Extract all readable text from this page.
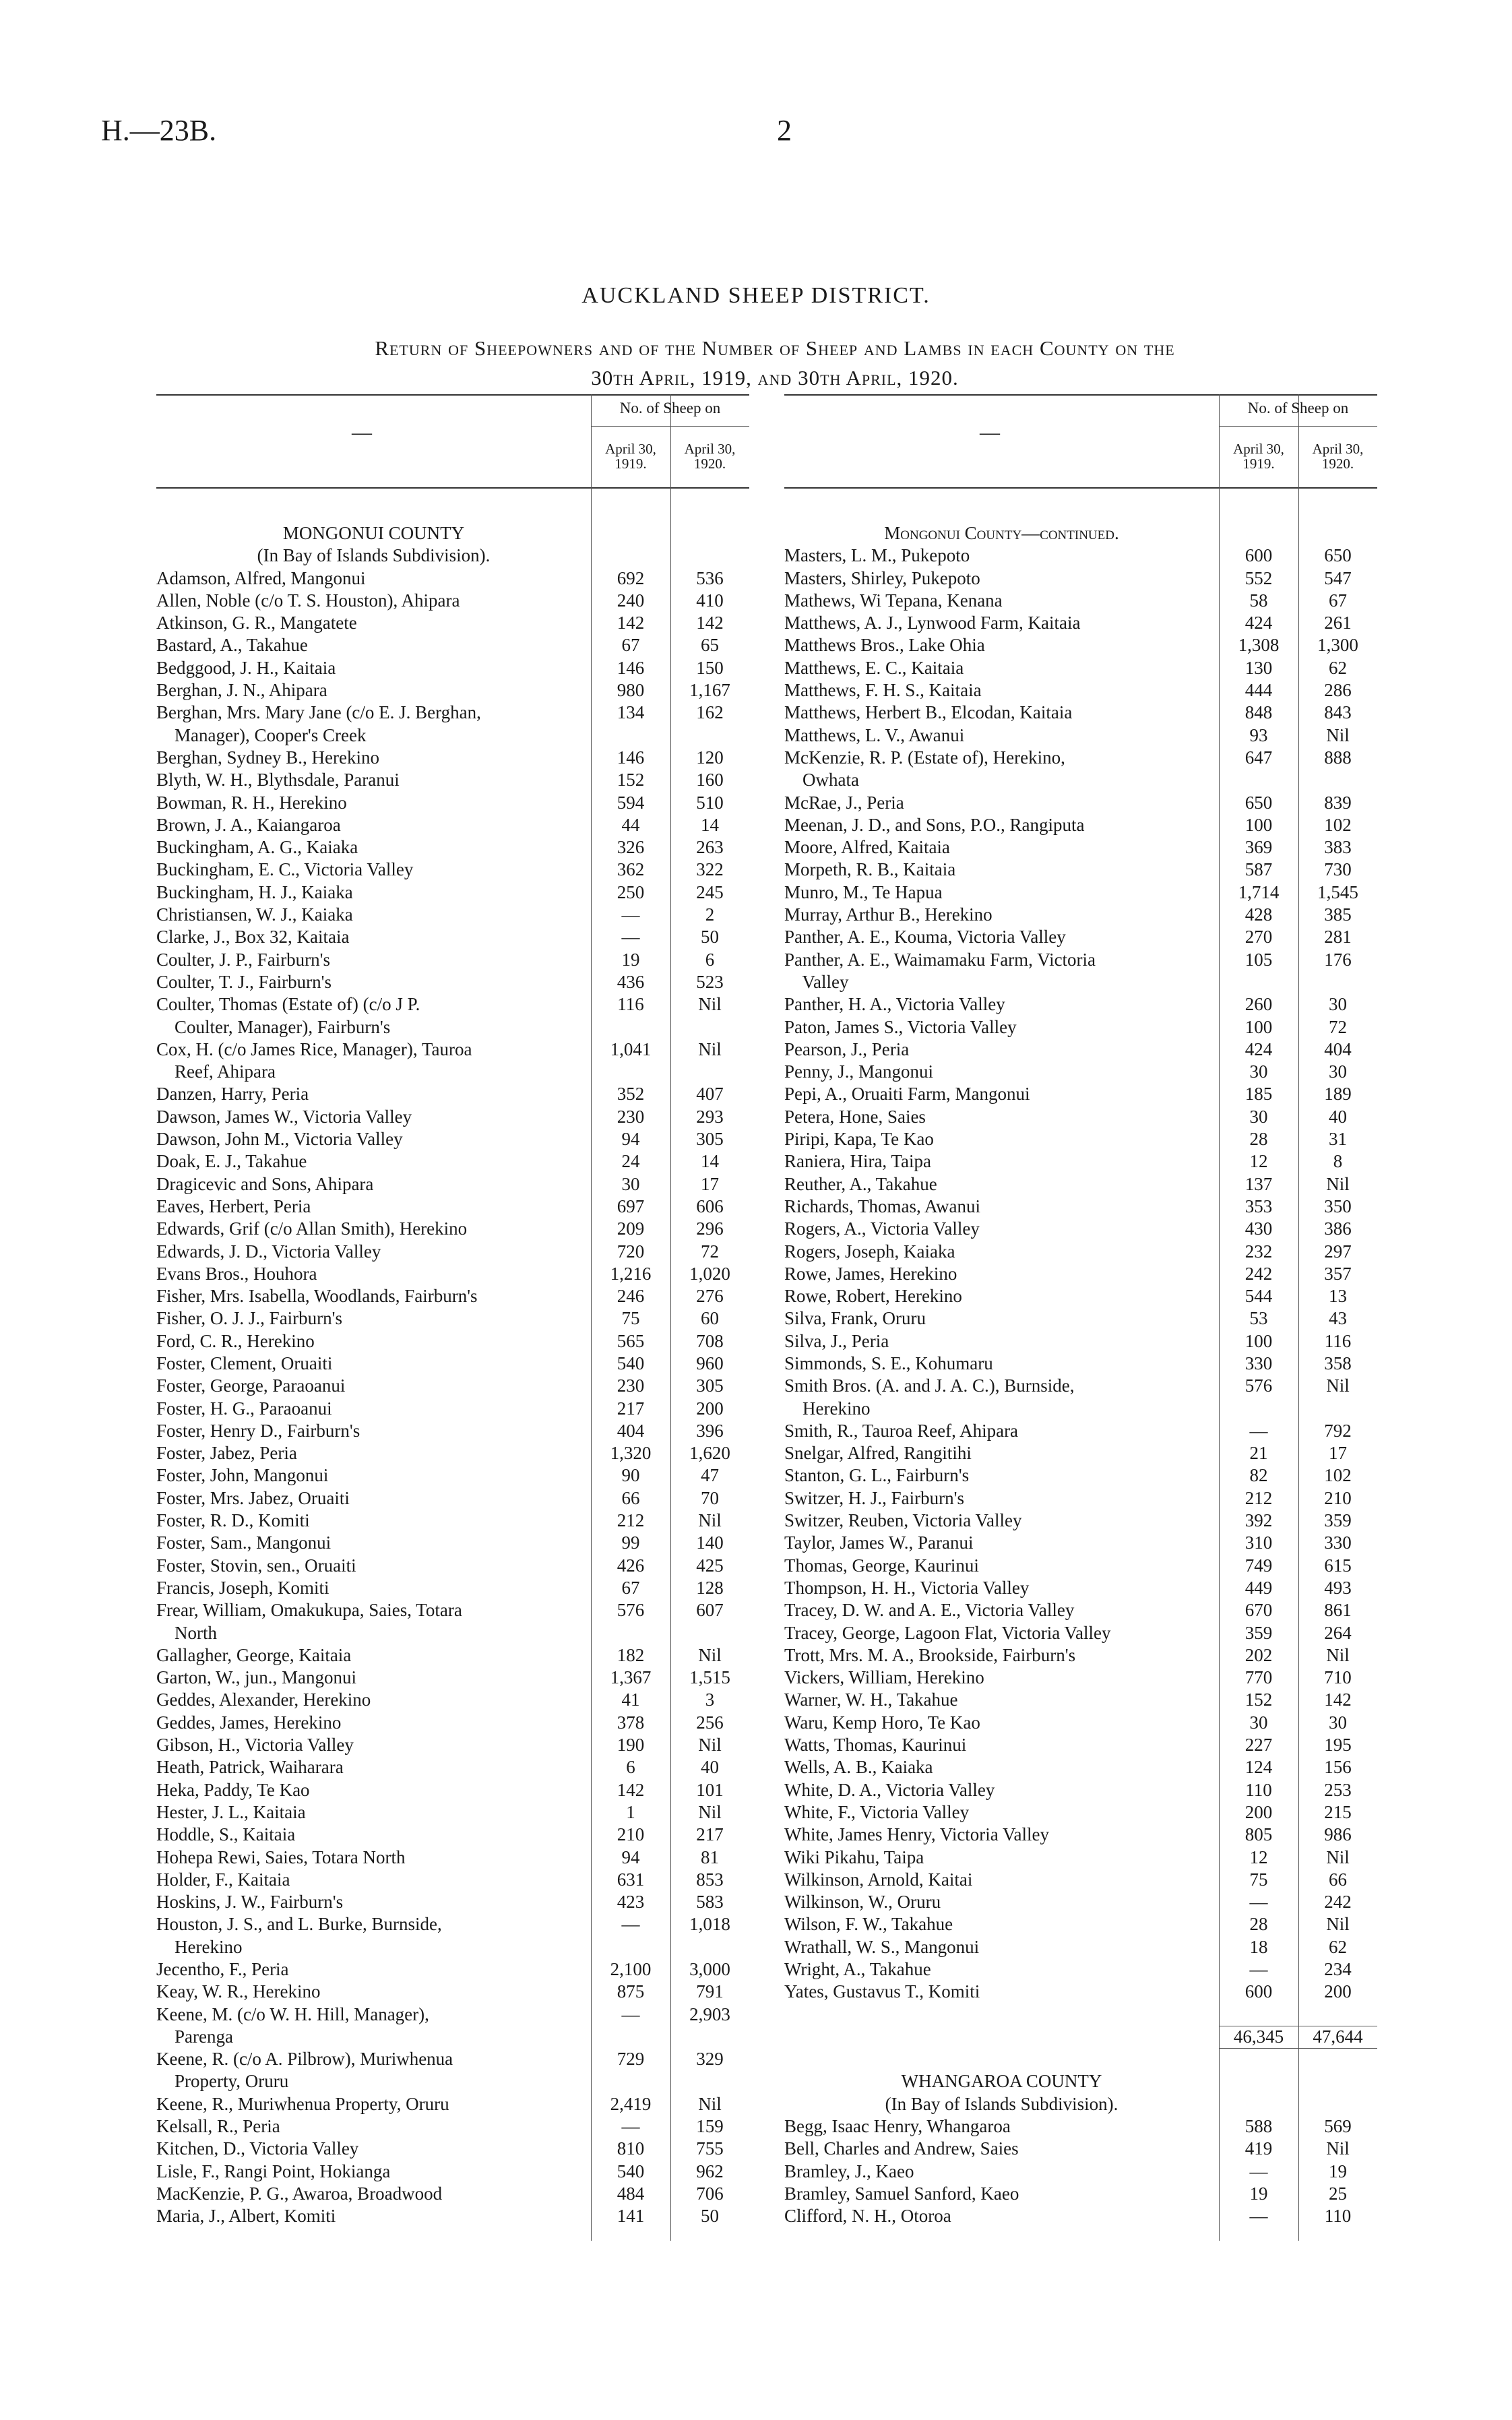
H.—23B.	2
AUCKLAND SHEEP DISTRICT.
Return of Sheepowners and of the Number of Sheep and Lambs in each County on the
30th April, 1919, and 30th April, 1920.
—
No. of Sheep on
April 30, 1919.
April 30, 1920.
MONGONUI COUNTY
(In Bay of Islands Subdivision).
Adamson, Alfred, Mangonui	692	536
Allen, Noble (c/o T. S. Houston), Ahipara	240	410
Atkinson, G. R., Mangatete	142	142
Bastard, A., Takahue	67	65
Bedggood, J. H., Kaitaia	146	150
Berghan, J. N., Ahipara	980	1,167
Berghan, Mrs. Mary Jane (c/o E. J. Berghan,	134	162
Manager), Cooper's Creek
Berghan, Sydney B., Herekino	146	120
Blyth, W. H., Blythsdale, Paranui	152	160
Bowman, R. H., Herekino	594	510
Brown, J. A., Kaiangaroa	44	14
Buckingham, A. G., Kaiaka	326	263
Buckingham, E. C., Victoria Valley	362	322
Buckingham, H. J., Kaiaka	250	245
Christiansen, W. J., Kaiaka	—	2
Clarke, J., Box 32, Kaitaia	—	50
Coulter, J. P., Fairburn's	19	6
Coulter, T. J., Fairburn's	436	523
Coulter, Thomas (Estate of) (c/o J P.	116	Nil
Coulter, Manager), Fairburn's
Cox, H. (c/o James Rice, Manager), Tauroa	1,041	Nil
Reef, Ahipara
Danzen, Harry, Peria	352	407
Dawson, James W., Victoria Valley	230	293
Dawson, John M., Victoria Valley	94	305
Doak, E. J., Takahue	24	14
Dragicevic and Sons, Ahipara	30	17
Eaves, Herbert, Peria	697	606
Edwards, Grif (c/o Allan Smith), Herekino	209	296
Edwards, J. D., Victoria Valley	720	72
Evans Bros., Houhora	1,216	1,020
Fisher, Mrs. Isabella, Woodlands, Fairburn's	246	276
Fisher, O. J. J., Fairburn's	75	60
Ford, C. R., Herekino	565	708
Foster, Clement, Oruaiti	540	960
Foster, George, Paraoanui	230	305
Foster, H. G., Paraoanui	217	200
Foster, Henry D., Fairburn's	404	396
Foster, Jabez, Peria	1,320	1,620
Foster, John, Mangonui	90	47
Foster, Mrs. Jabez, Oruaiti	66	70
Foster, R. D., Komiti	212	Nil
Foster, Sam., Mangonui	99	140
Foster, Stovin, sen., Oruaiti	426	425
Francis, Joseph, Komiti	67	128
Frear, William, Omakukupa, Saies, Totara	576	607
North
Gallagher, George, Kaitaia	182	Nil
Garton, W., jun., Mangonui	1,367	1,515
Geddes, Alexander, Herekino	41	3
Geddes, James, Herekino	378	256
Gibson, H., Victoria Valley	190	Nil
Heath, Patrick, Waiharara	6	40
Heka, Paddy, Te Kao	142	101
Hester, J. L., Kaitaia	1	Nil
Hoddle, S., Kaitaia	210	217
Hohepa Rewi, Saies, Totara North	94	81
Holder, F., Kaitaia	631	853
Hoskins, J. W., Fairburn's	423	583
Houston, J. S., and L. Burke, Burnside,	—	1,018
Herekino
Jecentho, F., Peria	2,100	3,000
Keay, W. R., Herekino	875	791
Keene, M. (c/o W. H. Hill, Manager),	—	2,903
Parenga
Keene, R. (c/o A. Pilbrow), Muriwhenua	729	329
Property, Oruru
Keene, R., Muriwhenua Property, Oruru	2,419	Nil
Kelsall, R., Peria	—	159
Kitchen, D., Victoria Valley	810	755
Lisle, F., Rangi Point, Hokianga	540	962
MacKenzie, P. G., Awaroa, Broadwood	484	706
Maria, J., Albert, Komiti	141	50
—
No. of Sheep on
April 30, 1919.
April 30, 1920.
Mongonui County—continued.
Masters, L. M., Pukepoto	600	650
Masters, Shirley, Pukepoto	552	547
Mathews, Wi Tepana, Kenana	58	67
Matthews, A. J., Lynwood Farm, Kaitaia	424	261
Matthews Bros., Lake Ohia	1,308	1,300
Matthews, E. C., Kaitaia	130	62
Matthews, F. H. S., Kaitaia	444	286
Matthews, Herbert B., Elcodan, Kaitaia	848	843
Matthews, L. V., Awanui	93	Nil
McKenzie, R. P. (Estate of), Herekino,	647	888
Owhata
McRae, J., Peria	650	839
Meenan, J. D., and Sons, P.O., Rangiputa	100	102
Moore, Alfred, Kaitaia	369	383
Morpeth, R. B., Kaitaia	587	730
Munro, M., Te Hapua	1,714	1,545
Murray, Arthur B., Herekino	428	385
Panther, A. E., Kouma, Victoria Valley	270	281
Panther, A. E., Waimamaku Farm, Victoria	105	176
Valley
Panther, H. A., Victoria Valley	260	30
Paton, James S., Victoria Valley	100	72
Pearson, J., Peria	424	404
Penny, J., Mangonui	30	30
Pepi, A., Oruaiti Farm, Mangonui	185	189
Petera, Hone, Saies	30	40
Piripi, Kapa, Te Kao	28	31
Raniera, Hira, Taipa	12	8
Reuther, A., Takahue	137	Nil
Richards, Thomas, Awanui	353	350
Rogers, A., Victoria Valley	430	386
Rogers, Joseph, Kaiaka	232	297
Rowe, James, Herekino	242	357
Rowe, Robert, Herekino	544	13
Silva, Frank, Oruru	53	43
Silva, J., Peria	100	116
Simmonds, S. E., Kohumaru	330	358
Smith Bros. (A. and J. A. C.), Burnside,	576	Nil
Herekino
Smith, R., Tauroa Reef, Ahipara	—	792
Snelgar, Alfred, Rangitihi	21	17
Stanton, G. L., Fairburn's	82	102
Switzer, H. J., Fairburn's	212	210
Switzer, Reuben, Victoria Valley	392	359
Taylor, James W., Paranui	310	330
Thomas, George, Kaurinui	749	615
Thompson, H. H., Victoria Valley	449	493
Tracey, D. W. and A. E., Victoria Valley	670	861
Tracey, George, Lagoon Flat, Victoria Valley	359	264
Trott, Mrs. M. A., Brookside, Fairburn's	202	Nil
Vickers, William, Herekino	770	710
Warner, W. H., Takahue	152	142
Waru, Kemp Horo, Te Kao	30	30
Watts, Thomas, Kaurinui	227	195
Wells, A. B., Kaiaka	124	156
White, D. A., Victoria Valley	110	253
White, F., Victoria Valley	200	215
White, James Henry, Victoria Valley	805	986
Wiki Pikahu, Taipa	12	Nil
Wilkinson, Arnold, Kaitai	75	66
Wilkinson, W., Oruru	—	242
Wilson, F. W., Takahue	28	Nil
Wrathall, W. S., Mangonui	18	62
Wright, A., Takahue	—	234
Yates, Gustavus T., Komiti	600	200
46,345	47,644
WHANGAROA COUNTY
(In Bay of Islands Subdivision).
Begg, Isaac Henry, Whangaroa	588	569
Bell, Charles and Andrew, Saies	419	Nil
Bramley, J., Kaeo	—	19
Bramley, Samuel Sanford, Kaeo	19	25
Clifford, N. H., Otoroa	—	110
